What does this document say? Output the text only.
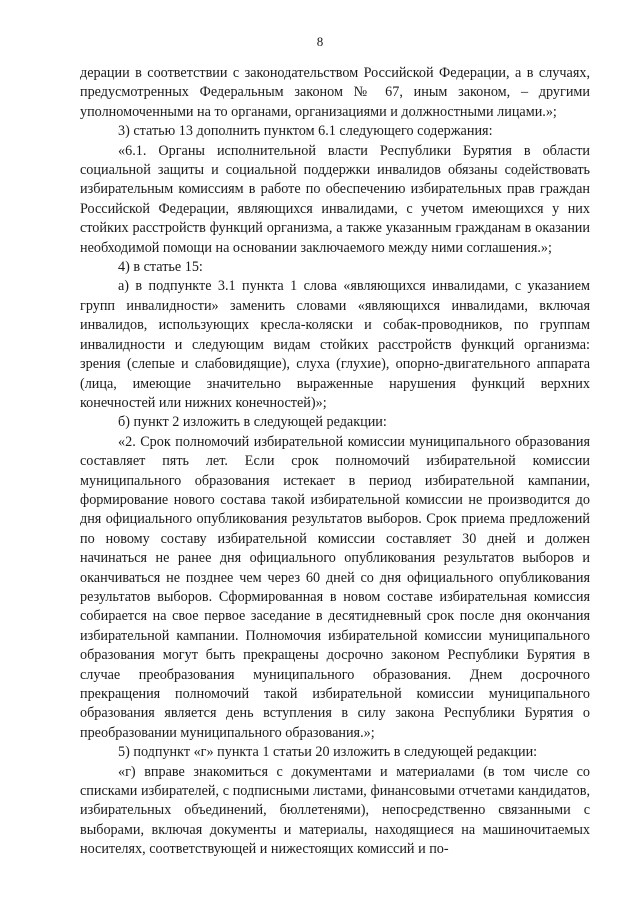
8

дерации в соответствии с законодательством Российской Федерации, а в случаях, предусмотренных Федеральным законом № 67, иным законом, – другими уполномоченными на то органами, организациями и должностными лицами.»;

3) статью 13 дополнить пунктом 6.1 следующего содержания:

«6.1. Органы исполнительной власти Республики Бурятия в области социальной защиты и социальной поддержки инвалидов обязаны содействовать избирательным комиссиям в работе по обеспечению избирательных прав граждан Российской Федерации, являющихся инвалидами, с учетом имеющихся у них стойких расстройств функций организма, а также указанным гражданам в оказании необходимой помощи на основании заключаемого между ними соглашения.»;

4) в статье 15:

а) в подпункте 3.1 пункта 1 слова «являющихся инвалидами, с указанием групп инвалидности» заменить словами «являющихся инвалидами, включая инвалидов, использующих кресла-коляски и собак-проводников, по группам инвалидности и следующим видам стойких расстройств функций организма: зрения (слепые и слабовидящие), слуха (глухие), опорно-двигательного аппарата (лица, имеющие значительно выраженные нарушения функций верхних конечностей или нижних конечностей)»;

б) пункт 2 изложить в следующей редакции:

«2. Срок полномочий избирательной комиссии муниципального образования составляет пять лет. Если срок полномочий избирательной комиссии муниципального образования истекает в период избирательной кампании, формирование нового состава такой избирательной комиссии не производится до дня официального опубликования результатов выборов. Срок приема предложений по новому составу избирательной комиссии составляет 30 дней и должен начинаться не ранее дня официального опубликования результатов выборов и оканчиваться не позднее чем через 60 дней со дня официального опубликования результатов выборов. Сформированная в новом составе избирательная комиссия собирается на свое первое заседание в десятидневный срок после дня окончания избирательной кампании. Полномочия избирательной комиссии муниципального образования могут быть прекращены досрочно законом Республики Бурятия в случае преобразования муниципального образования. Днем досрочного прекращения полномочий такой избирательной комиссии муниципального образования является день вступления в силу закона Республики Бурятия о преобразовании муниципального образования.»;

5) подпункт «г» пункта 1 статьи 20 изложить в следующей редакции:

«г) вправе знакомиться с документами и материалами (в том числе со списками избирателей, с подписными листами, финансовыми отчетами кандидатов, избирательных объединений, бюллетенями), непосредственно связанными с выборами, включая документы и материалы, находящиеся на машиночитаемых носителях, соответствующей и нижестоящих комиссий и по-
